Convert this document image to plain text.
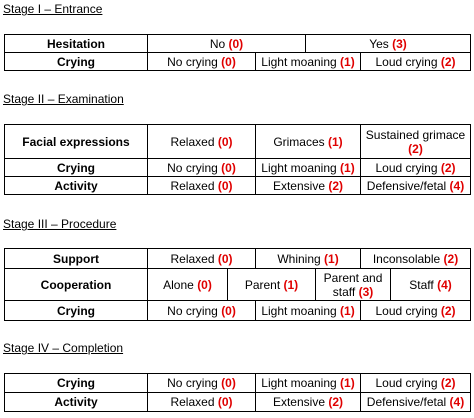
Stage I – Entrance
Hesitation	No (0)		Yes (3)	
Crying	No crying (0)	Light moaning (1)		Loud crying (2)
Stage II – Examination
Facial expressions	Relaxed (0)	Grimaces (1)	Sustained grimace (2)
Crying	No crying (0)	Light moaning (1)	Loud crying (2)
Activity	Relaxed (0)	Extensive (2)	Defensive/fetal (4)
Stage III – Procedure
Support	Relaxed (0)		Whining (1)		Inconsolable (2)	
Cooperation	Alone (0)	Parent (1)		Parent and staff (3)		Staff (4)
Crying	No crying (0)		Light moaning (1)		Loud crying (2)	
Stage IV – Completion
Crying	No crying (0)	Light moaning (1)	Loud crying (2)
Activity	Relaxed (0)	Extensive (2)	Defensive/fetal (4)
